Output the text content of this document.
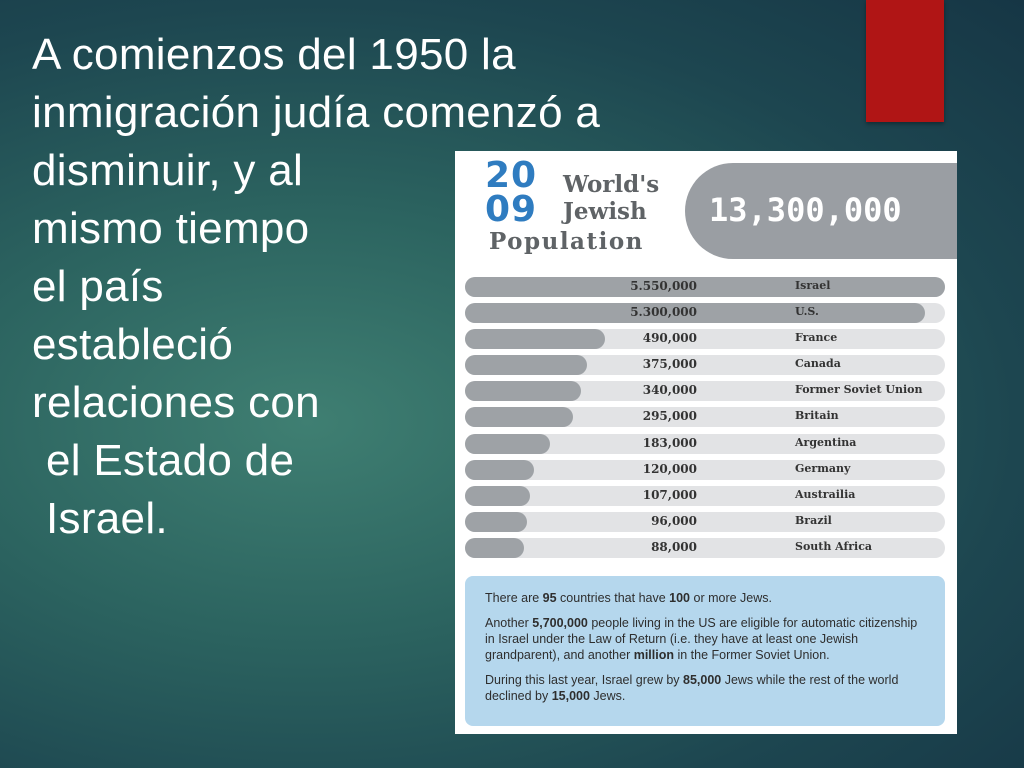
A comienzos del 1950 la
inmigración judía comenzó a
disminuir, y al
mismo tiempo
el país
estableció
relaciones con
el Estado de
Israel.
20
09
World's
Jewish
Population
13,300,000
5.550,000	Israel
5.300,000	U.S.
490,000	France
375,000	Canada
340,000	Former Soviet Union
295,000	Britain
183,000	Argentina
120,000	Germany
107,000	Austrailia
96,000	Brazil
88,000	South Africa

There are 95 countries that have 100 or more Jews.

Another 5,700,000 people living in the US are eligible for automatic citizenship in Israel under the Law of Return (i.e. they have at least one Jewish grandparent), and another million in the Former Soviet Union.

During this last year, Israel grew by 85,000 Jews while the rest of the world declined by 15,000 Jews.
